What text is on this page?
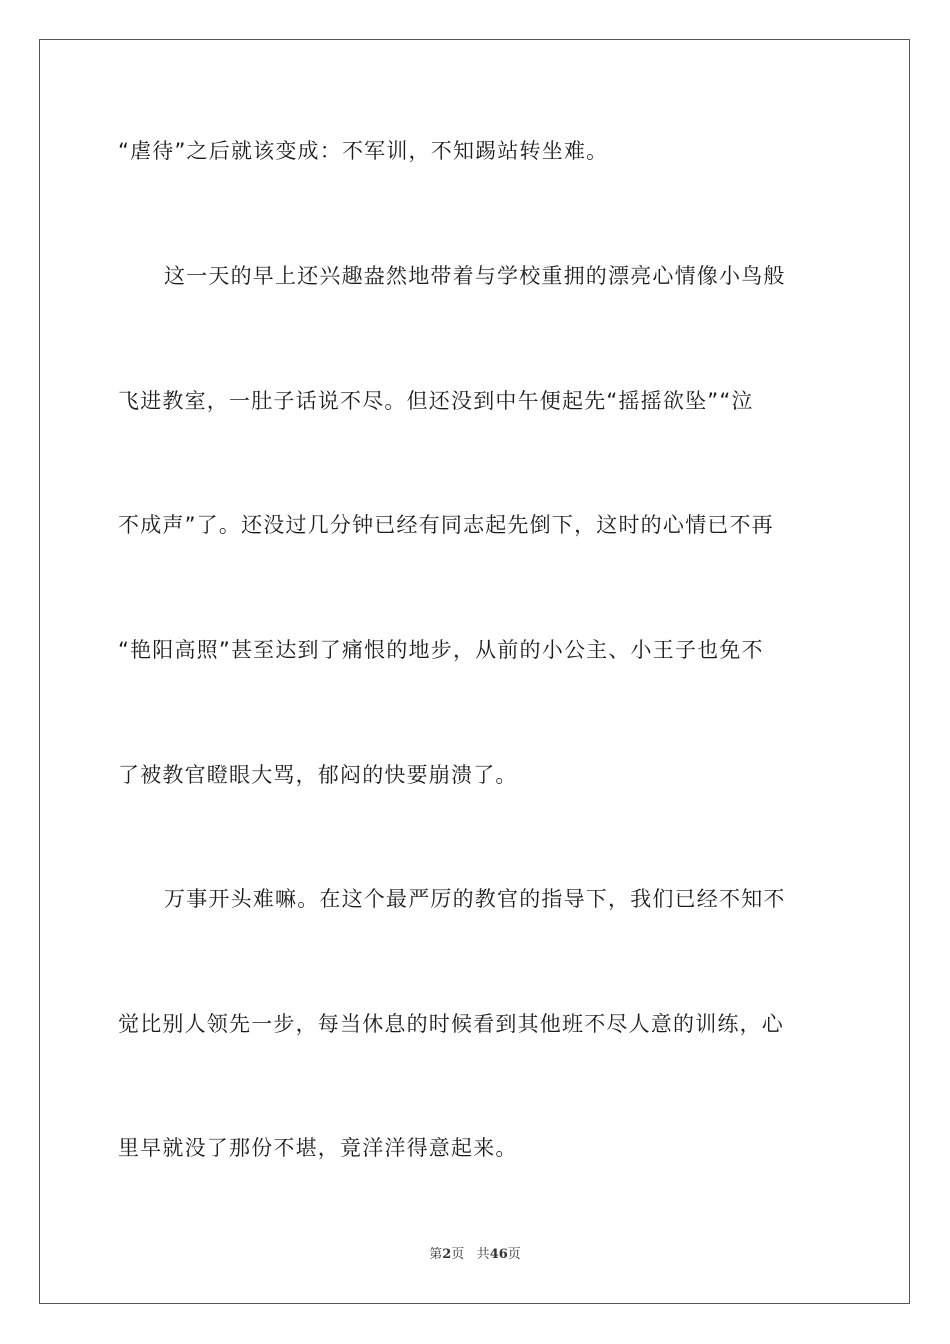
“虐待”之后就该变成：不军训，不知踢站转坐难。
这一天的早上还兴趣盎然地带着与学校重拥的漂亮心情像小鸟般
飞进教室，一肚子话说不尽。但还没到中午便起先“摇摇欲坠”“泣
不成声”了。还没过几分钟已经有同志起先倒下，这时的心情已不再
“艳阳高照”甚至达到了痛恨的地步，从前的小公主、小王子也免不
了被教官瞪眼大骂，郁闷的快要崩溃了。
万事开头难嘛。在这个最严厉的教官的指导下，我们已经不知不
觉比别人领先一步，每当休息的时候看到其他班不尽人意的训练，心
里早就没了那份不堪，竟洋洋得意起来。
第2页 共46页
